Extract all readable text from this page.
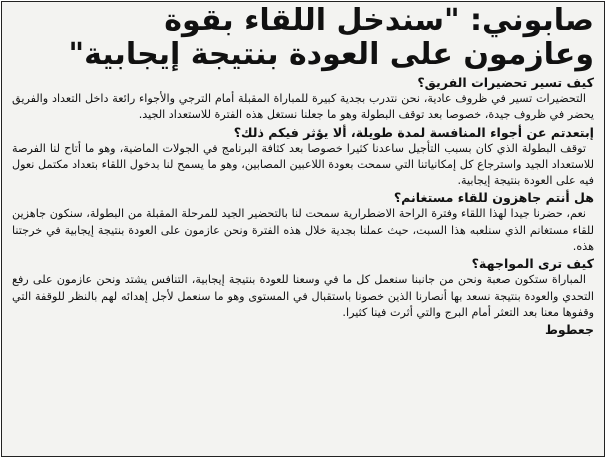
صابوني: "سندخل اللقاء بقوة
وعازمون على العودة بنتيجة إيجابية"
كيف تسير تحضيرات الفريق؟

التحضيرات تسير في ظروف عادية، نحن نتدرب بجدية كبيرة للمباراة المقبلة أمام الترجي والأجواء رائعة داخل التعداد والفريق يحضر في ظروف جيدة، خصوصا بعد توقف البطولة وهو ما جعلنا نستغل هذه الفترة للاستعداد الجيد.

إبتعدتم عن أجواء المنافسة لمدة طويلة، ألا يؤثر فيكم ذلك؟

توقف البطولة الذي كان بسبب التأجيل ساعدنا كثيرا خصوصا بعد كثافة البرنامج في الجولات الماضية، وهو ما أتاح لنا الفرصة للاستعداد الجيد واسترجاع كل إمكانياتنا التي سمحت بعودة اللاعبين المصابين، وهو ما يسمح لنا بدخول اللقاء بتعداد مكتمل نعول فيه على العودة بنتيجة إيجابية.

هل أنتم جاهزون للقاء مستغانم؟

نعم، حضرنا جيدا لهذا اللقاء وفترة الراحة الاضطرارية سمحت لنا بالتحضير الجيد للمرحلة المقبلة من البطولة، سنكون جاهزين للقاء مستغانم الذي سنلعبه هذا السبت، حيث عملنا بجدية خلال هذه الفترة ونحن عازمون على العودة بنتيجة إيجابية في خرجتنا هذه.

كيف ترى المواجهة؟

المباراة ستكون صعبة ونحن من جانبنا سنعمل كل ما في وسعنا للعودة بنتيجة إيجابية، التنافس يشتد ونحن عازمون على رفع التحدي والعودة بنتيجة نسعد بها أنصارنا الذين خصونا باستقبال في المستوى وهو ما سنعمل لأجل إهدائه لهم بالنظر للوقفة التي وقفوها معنا بعد التعثر أمام البرج والتي أثرت فينا كثيرا.

جعطوط
